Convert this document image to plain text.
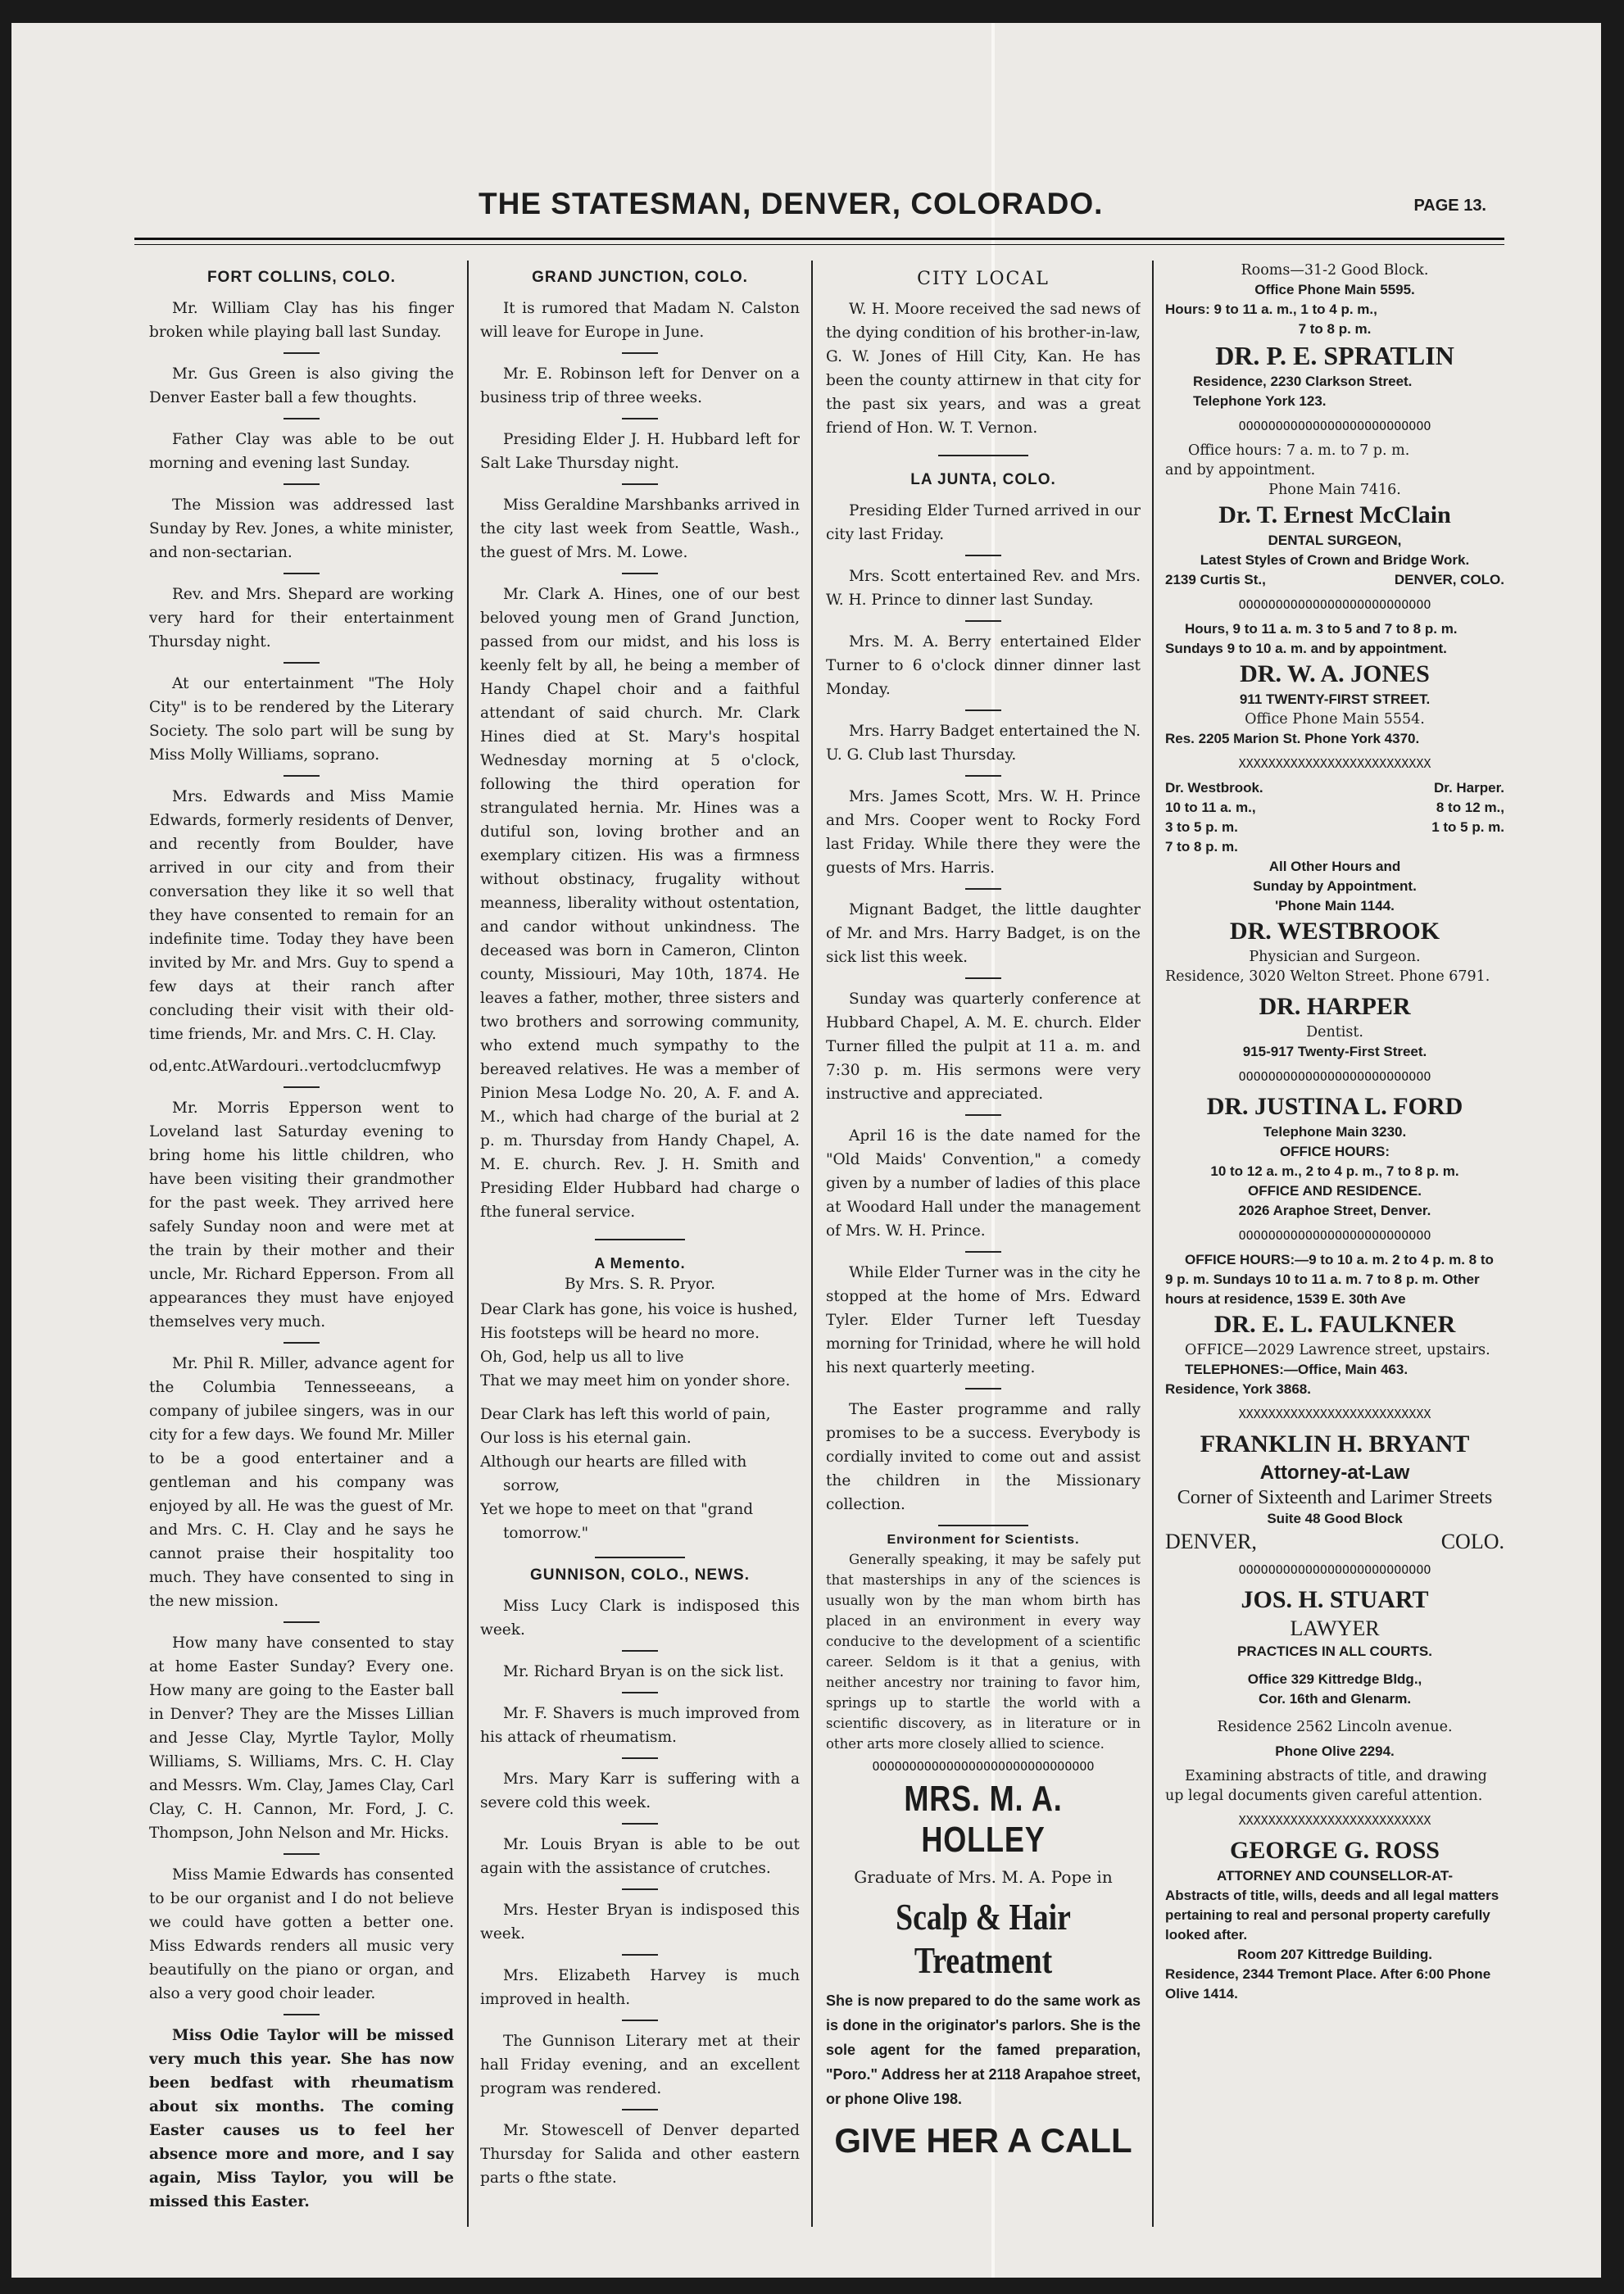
THE STATESMAN, DENVER, COLORADO.	PAGE 13.
FORT COLLINS, COLO.

Mr. William Clay has his finger broken while playing ball last Sunday.

Mr. Gus Green is also giving the Denver Easter ball a few thoughts.

Father Clay was able to be out morning and evening last Sunday.

The Mission was addressed last Sunday by Rev. Jones, a white minister, and non-sectarian.

Rev. and Mrs. Shepard are working very hard for their entertainment Thursday night.

At our entertainment "The Holy City" is to be rendered by the Literary Society. The solo part will be sung by Miss Molly Williams, soprano.

Mrs. Edwards and Miss Mamie Edwards, formerly residents of Denver, and recently from Boulder, have arrived in our city and from their conversation they like it so well that they have consented to remain for an indefinite time. Today they have been invited by Mr. and Mrs. Guy to spend a few days at their ranch after concluding their visit with their old-time friends, Mr. and Mrs. C. H. Clay.

od,entc.AtWardouri..vertodclucmfwyp

Mr. Morris Epperson went to Loveland last Saturday evening to bring home his little children, who have been visiting their grandmother for the past week. They arrived here safely Sunday noon and were met at the train by their mother and their uncle, Mr. Richard Epperson. From all appearances they must have enjoyed themselves very much.

Mr. Phil R. Miller, advance agent for the Columbia Tennesseeans, a company of jubilee singers, was in our city for a few days. We found Mr. Miller to be a good entertainer and a gentleman and his company was enjoyed by all. He was the guest of Mr. and Mrs. C. H. Clay and he says he cannot praise their hospitality too much. They have consented to sing in the new mission.

How many have consented to stay at home Easter Sunday? Every one. How many are going to the Easter ball in Denver? They are the Misses Lillian and Jesse Clay, Myrtle Taylor, Molly Williams, S. Williams, Mrs. C. H. Clay and Messrs. Wm. Clay, James Clay, Carl Clay, C. H. Cannon, Mr. Ford, J. C. Thompson, John Nelson and Mr. Hicks.

Miss Mamie Edwards has consented to be our organist and I do not believe we could have gotten a better one. Miss Edwards renders all music very beautifully on the piano or organ, and also a very good choir leader.

Miss Odie Taylor will be missed very much this year. She has now been bedfast with rheumatism about six months. The coming Easter causes us to feel her absence more and more, and I say again, Miss Taylor, you will be missed this Easter.

GRAND JUNCTION, COLO.

It is rumored that Madam N. Calston will leave for Europe in June.

Mr. E. Robinson left for Denver on a business trip of three weeks.

Presiding Elder J. H. Hubbard left for Salt Lake Thursday night.

Miss Geraldine Marshbanks arrived in the city last week from Seattle, Wash., the guest of Mrs. M. Lowe.

Mr. Clark A. Hines, one of our best beloved young men of Grand Junction, passed from our midst, and his loss is keenly felt by all, he being a member of Handy Chapel choir and a faithful attendant of said church. Mr. Clark Hines died at St. Mary's hospital Wednesday morning at 5 o'clock, following the third operation for strangulated hernia. Mr. Hines was a dutiful son, loving brother and an exemplary citizen. His was a firmness without obstinacy, frugality without meanness, liberality without ostentation, and candor without unkindness. The deceased was born in Cameron, Clinton county, Missiouri, May 10th, 1874. He leaves a father, mother, three sisters and two brothers and sorrowing community, who extend much sympathy to the bereaved relatives. He was a member of Pinion Mesa Lodge No. 20, A. F. and A. M., which had charge of the burial at 2 p. m. Thursday from Handy Chapel, A. M. E. church. Rev. J. H. Smith and Presiding Elder Hubbard had charge o fthe funeral service.

A Memento.
By Mrs. S. R. Pryor.

Dear Clark has gone, his voice is hushed,

His footsteps will be heard no more.

Oh, God, help us all to live

That we may meet him on yonder shore.

Dear Clark has left this world of pain,

Our loss is his eternal gain.

Although our hearts are filled with sorrow,

Yet we hope to meet on that "grand tomorrow."

GUNNISON, COLO., NEWS.

Miss Lucy Clark is indisposed this week.

Mr. Richard Bryan is on the sick list.

Mr. F. Shavers is much improved from his attack of rheumatism.

Mrs. Mary Karr is suffering with a severe cold this week.

Mr. Louis Bryan is able to be out again with the assistance of crutches.

Mrs. Hester Bryan is indisposed this week.

Mrs. Elizabeth Harvey is much improved in health.

The Gunnison Literary met at their hall Friday evening, and an excellent program was rendered.

Mr. Stowescell of Denver departed Thursday for Salida and other eastern parts o fthe state.

CITY LOCAL

W. H. Moore received the sad news of the dying condition of his brother-in-law, G. W. Jones of Hill City, Kan. He has been the county attirnew in that city for the past six years, and was a great friend of Hon. W. T. Vernon.

LA JUNTA, COLO.

Presiding Elder Turned arrived in our city last Friday.

Mrs. Scott entertained Rev. and Mrs. W. H. Prince to dinner last Sunday.

Mrs. M. A. Berry entertained Elder Turner to 6 o'clock dinner dinner last Monday.

Mrs. Harry Badget entertained the N. U. G. Club last Thursday.

Mrs. James Scott, Mrs. W. H. Prince and Mrs. Cooper went to Rocky Ford last Friday. While there they were the guests of Mrs. Harris.

Mignant Badget, the little daughter of Mr. and Mrs. Harry Badget, is on the sick list this week.

Sunday was quarterly conference at Hubbard Chapel, A. M. E. church. Elder Turner filled the pulpit at 11 a. m. and 7:30 p. m. His sermons were very instructive and appreciated.

April 16 is the date named for the "Old Maids' Convention," a comedy given by a number of ladies of this place at Woodard Hall under the management of Mrs. W. H. Prince.

While Elder Turner was in the city he stopped at the home of Mrs. Edward Tyler. Elder Turner left Tuesday morning for Trinidad, where he will hold his next quarterly meeting.

The Easter programme and rally promises to be a success. Everybody is cordially invited to come out and assist the children in the Missionary collection.

Environment for Scientists.

Generally speaking, it may be safely put that masterships in any of the sciences is usually won by the man whom birth has placed in an environment in every way conducive to the development of a scientific career. Seldom is it that a genius, with neither ancestry nor training to favor him, springs up to startle the world with a scientific discovery, as in literature or in other arts more closely allied to science.

OOOOOOOOOOOOOOOOOOOOOOOOOOOOOO
MRS. M. A. HOLLEY
Graduate of Mrs. M. A. Pope in
Scalp & Hair Treatment

She is now prepared to do the same work as is done in the originator's parlors. She is the sole agent for the famed preparation, "Poro." Address her at 2118 Arapahoe street, or phone Olive 198.

GIVE HER A CALL

Rooms—31-2 Good Block.

Office Phone Main 5595.

Hours: 9 to 11 a. m., 1 to 4 p. m.,

7 to 8 p. m.

DR. P. E. SPRATLIN

Residence, 2230 Clarkson Street.

Telephone York 123.

OOOOOOOOOOOOOOOOOOOOOOOOOO

Office hours: 7 a. m. to 7 p. m.

and by appointment.

Phone Main 7416.

Dr. T. Ernest McClain

DENTAL SURGEON,

Latest Styles of Crown and Bridge Work.

2139 Curtis St.,	DENVER, COLO.
OOOOOOOOOOOOOOOOOOOOOOOOOO

Hours, 9 to 11 a. m. 3 to 5 and 7 to 8 p. m. Sundays 9 to 10 a. m. and by appointment.

DR. W. A. JONES

911 TWENTY-FIRST STREET.

Office Phone Main 5554.

Res. 2205 Marion St. Phone York 4370.

XXXXXXXXXXXXXXXXXXXXXXXXXX
Dr. Westbrook.	Dr. Harper.
10 to 11 a. m.,	8 to 12 m.,
3 to 5 p. m.	1 to 5 p. m.

7 to 8 p. m.

All Other Hours and

Sunday by Appointment.

'Phone Main 1144.

DR. WESTBROOK

Physician and Surgeon.

Residence, 3020 Welton Street. Phone 6791.

DR. HARPER

Dentist.

915-917 Twenty-First Street.

OOOOOOOOOOOOOOOOOOOOOOOOOO

DR. JUSTINA L. FORD

Telephone Main 3230.

OFFICE HOURS:

10 to 12 a. m., 2 to 4 p. m., 7 to 8 p. m.

OFFICE AND RESIDENCE.

2026 Araphoe Street, Denver.

OOOOOOOOOOOOOOOOOOOOOOOOOO

OFFICE HOURS:—9 to 10 a. m. 2 to 4 p. m. 8 to 9 p. m. Sundays 10 to 11 a. m. 7 to 8 p. m. Other hours at residence, 1539 E. 30th Ave

DR. E. L. FAULKNER

OFFICE—2029 Lawrence street, upstairs.

TELEPHONES:—Office, Main 463.

Residence, York 3868.

XXXXXXXXXXXXXXXXXXXXXXXXXX

FRANKLIN H. BRYANT

Attorney-at-Law

Corner of Sixteenth and Larimer Streets

Suite 48 Good Block

DENVER,	COLO.
OOOOOOOOOOOOOOOOOOOOOOOOOO

JOS. H. STUART

LAWYER

PRACTICES IN ALL COURTS.

Office 329 Kittredge Bldg.,

Cor. 16th and Glenarm.

Residence 2562 Lincoln avenue.

Phone Olive 2294.

Examining abstracts of title, and drawing up legal documents given careful attention.

XXXXXXXXXXXXXXXXXXXXXXXXXX

GEORGE G. ROSS

ATTORNEY AND COUNSELLOR-AT-

Abstracts of title, wills, deeds and all legal matters pertaining to real and personal property carefully looked after.

Room 207 Kittredge Building.

Residence, 2344 Tremont Place. After 6:00 Phone Olive 1414.
